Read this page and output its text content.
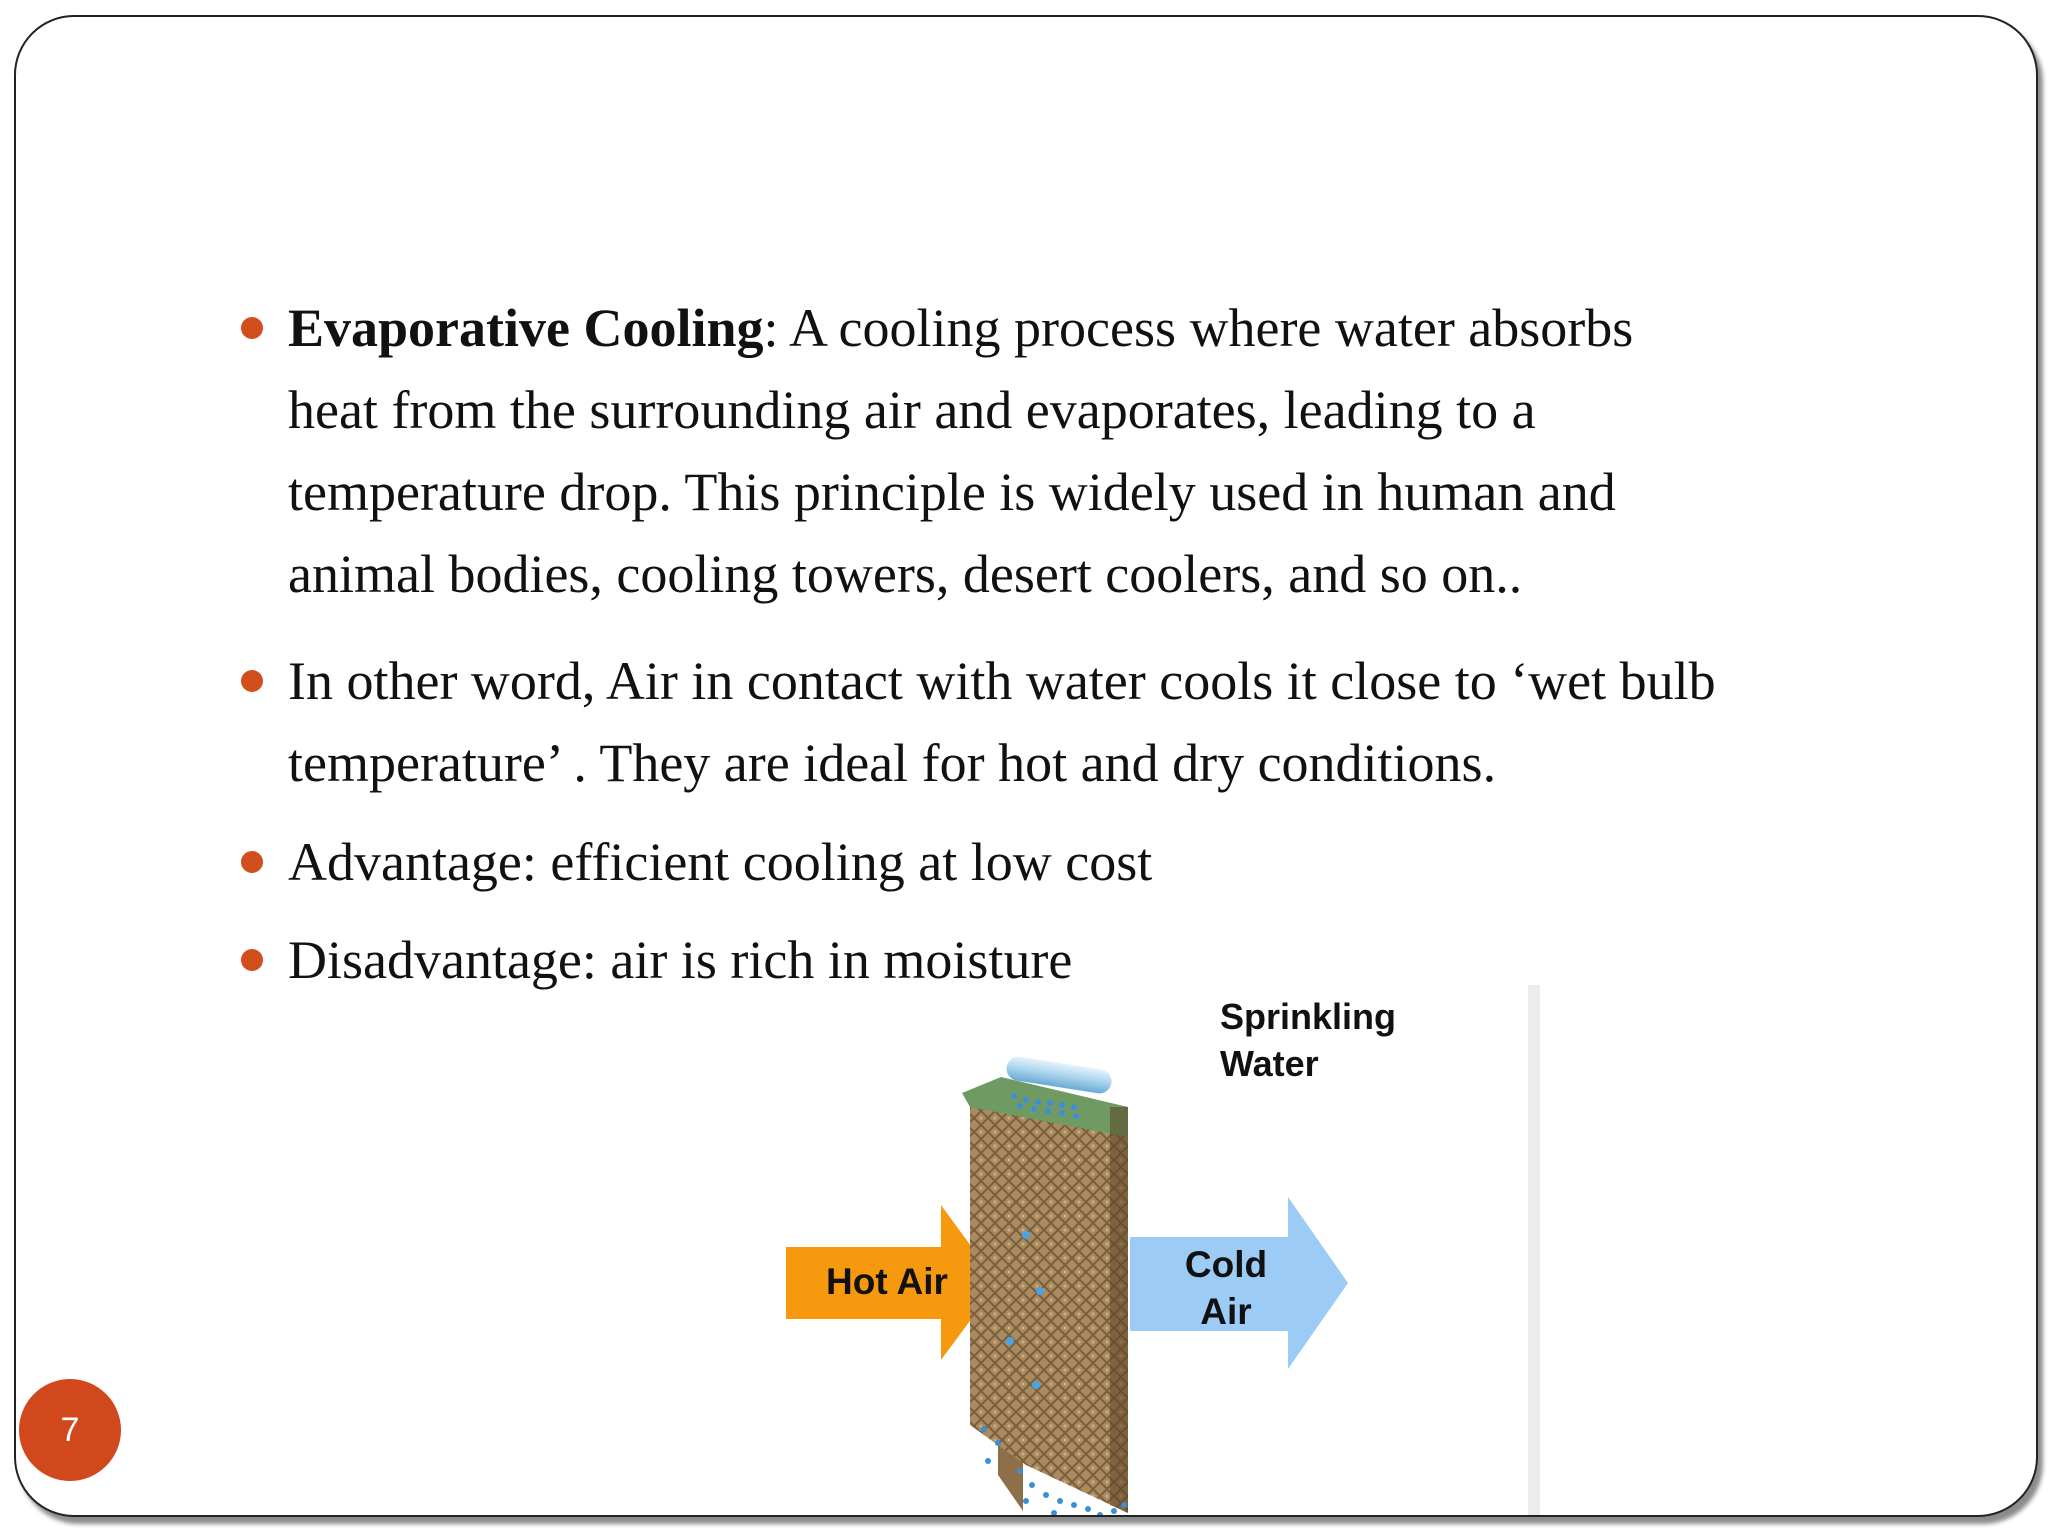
Evaporative Cooling: A cooling process where water absorbs
heat from the surrounding air and evaporates, leading to a
temperature drop. This principle is widely used in human and
animal bodies, cooling towers, desert coolers, and so on..
In other word, Air in contact with water cools it close to ‘wet bulb
temperature’ . They are ideal for hot and dry conditions.
Advantage: efficient cooling at low cost
Disadvantage: air is rich in moisture
Hot Air	Cold
Air
Sprinkling
Water
7
